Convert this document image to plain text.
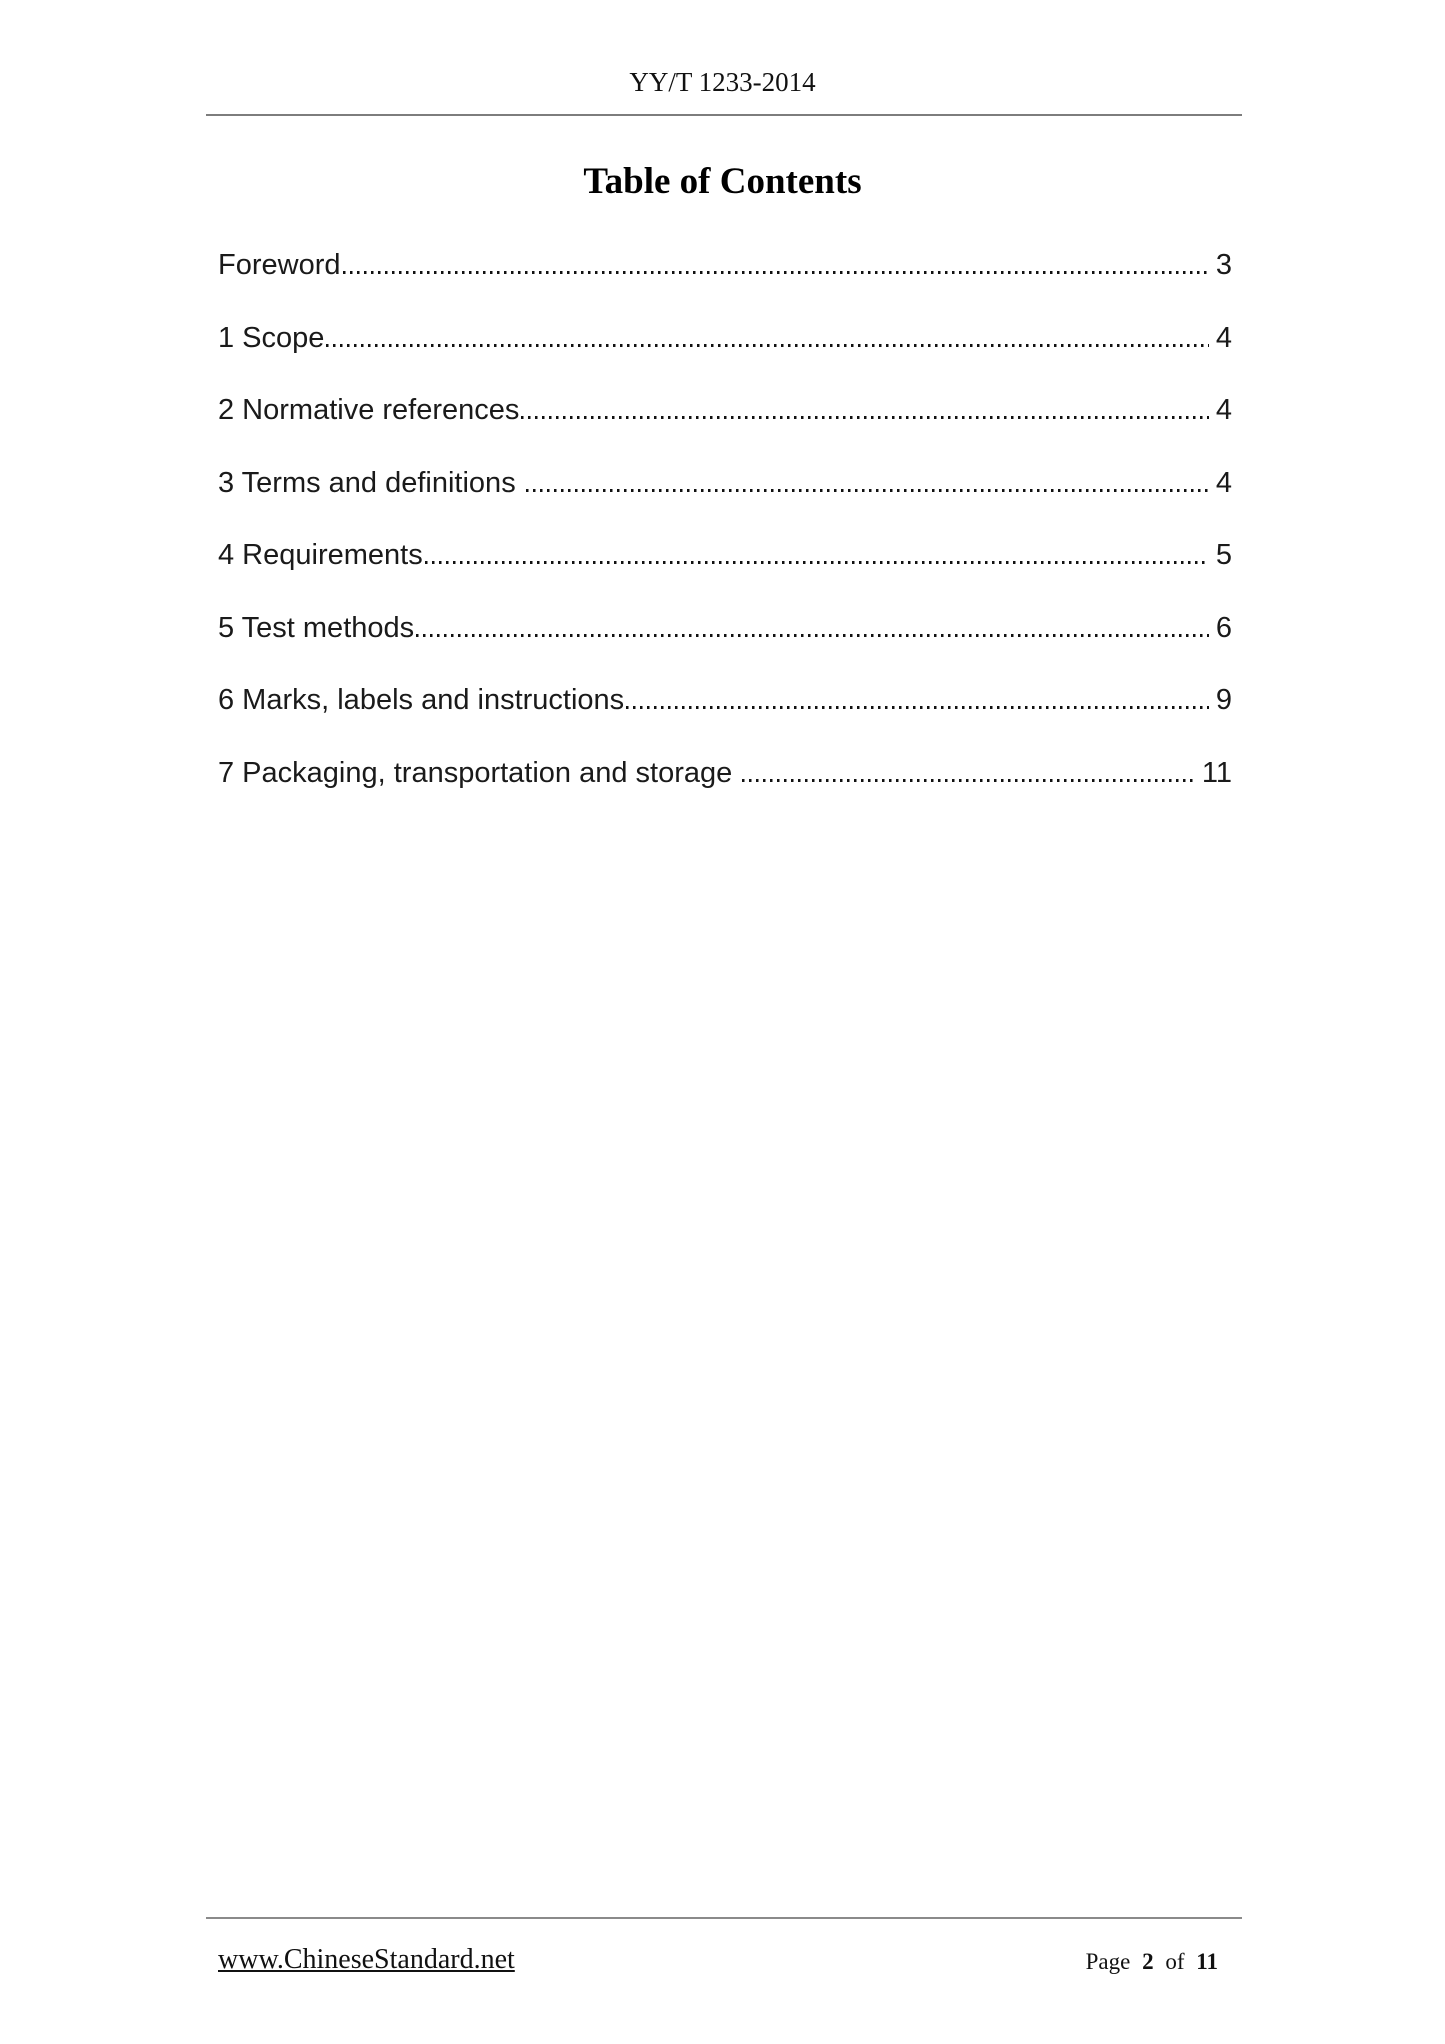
YY/T 1233-2014
Table of Contents
Foreword	3
1 Scope	4
2 Normative references	4
3 Terms and definitions	4
4 Requirements	5
5 Test methods	6
6 Marks, labels and instructions	9
7 Packaging, transportation and storage	11
www.ChineseStandard.net	Page 2 of 11
